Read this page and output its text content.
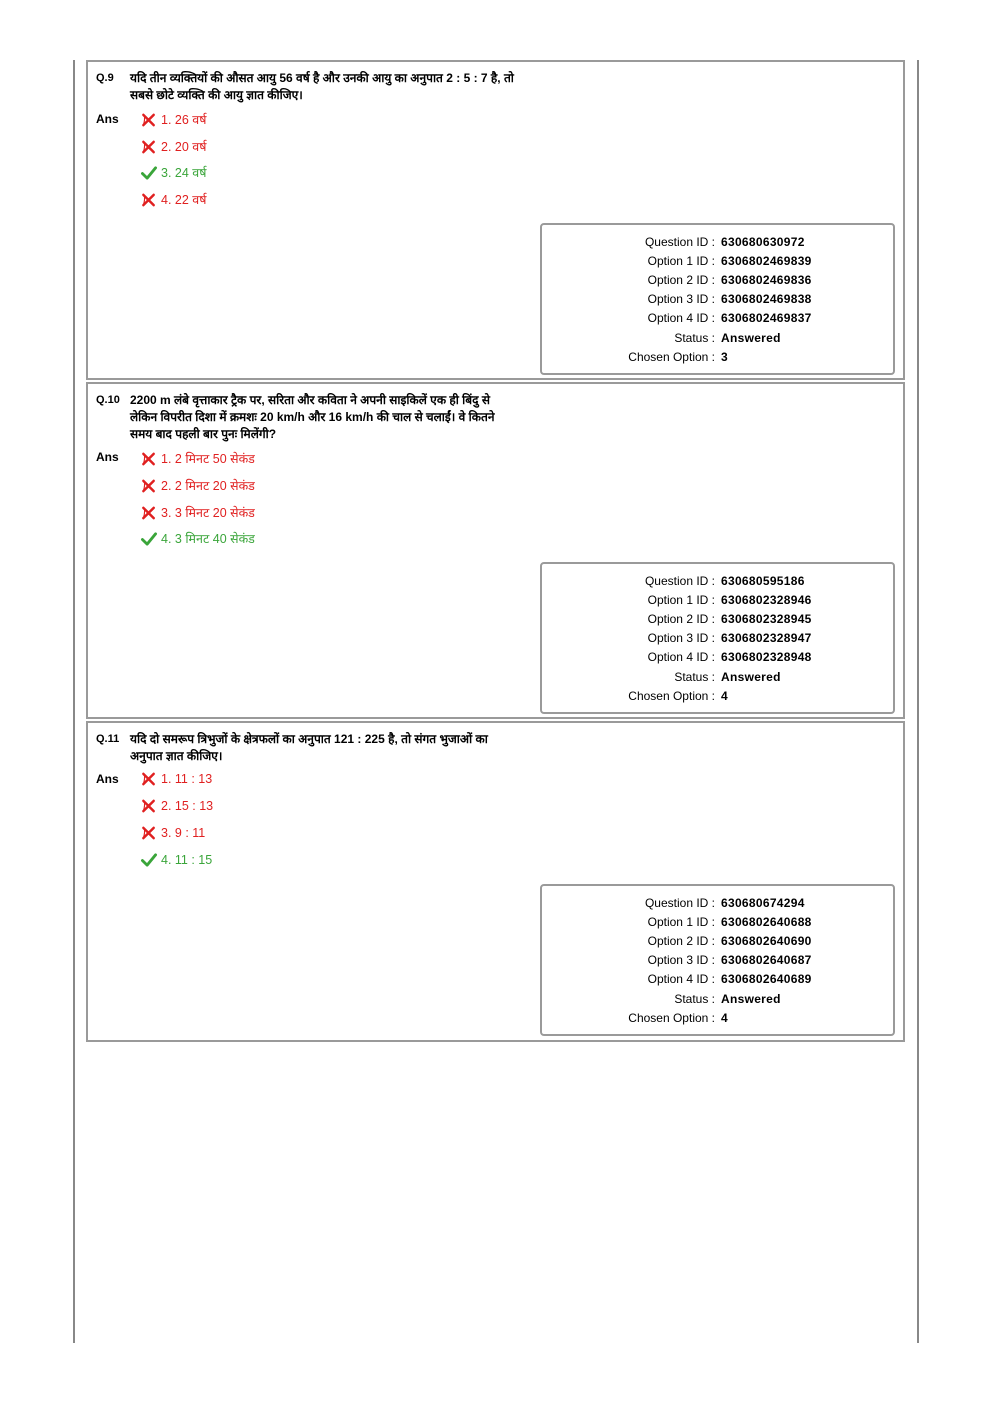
Q.9 यदि तीन व्यक्तियों की औसत आयु 56 वर्ष है और उनकी आयु का अनुपात 2 : 5 : 7 है, तो
सबसे छोटे व्यक्ति की आयु ज्ञात कीजिए।
Ans	1. 26 वर्ष
2. 20 वर्ष
3. 24 वर्ष
4. 22 वर्ष
Question ID : 630680630972
Option 1 ID : 6306802469839
Option 2 ID : 6306802469836
Option 3 ID : 6306802469838
Option 4 ID : 6306802469837
Status : Answered
Chosen Option : 3
Q.10 2200 m लंबे वृत्ताकार ट्रैक पर, सरिता और कविता ने अपनी साइकिलें एक ही बिंदु से
लेकिन विपरीत दिशा में क्रमशः 20 km/h और 16 km/h की चाल से चलाईं। वे कितने
समय बाद पहली बार पुनः मिलेंगी?
Ans	1. 2 मिनट 50 सेकंड
2. 2 मिनट 20 सेकंड
3. 3 मिनट 20 सेकंड
4. 3 मिनट 40 सेकंड
Question ID : 630680595186
Option 1 ID : 6306802328946
Option 2 ID : 6306802328945
Option 3 ID : 6306802328947
Option 4 ID : 6306802328948
Status : Answered
Chosen Option : 4
Q.11 यदि दो समरूप त्रिभुजों के क्षेत्रफलों का अनुपात 121 : 225 है, तो संगत भुजाओं का
अनुपात ज्ञात कीजिए।
Ans	1. 11 : 13
2. 15 : 13
3. 9 : 11
4. 11 : 15
Question ID : 630680674294
Option 1 ID : 6306802640688
Option 2 ID : 6306802640690
Option 3 ID : 6306802640687
Option 4 ID : 6306802640689
Status : Answered
Chosen Option : 4
